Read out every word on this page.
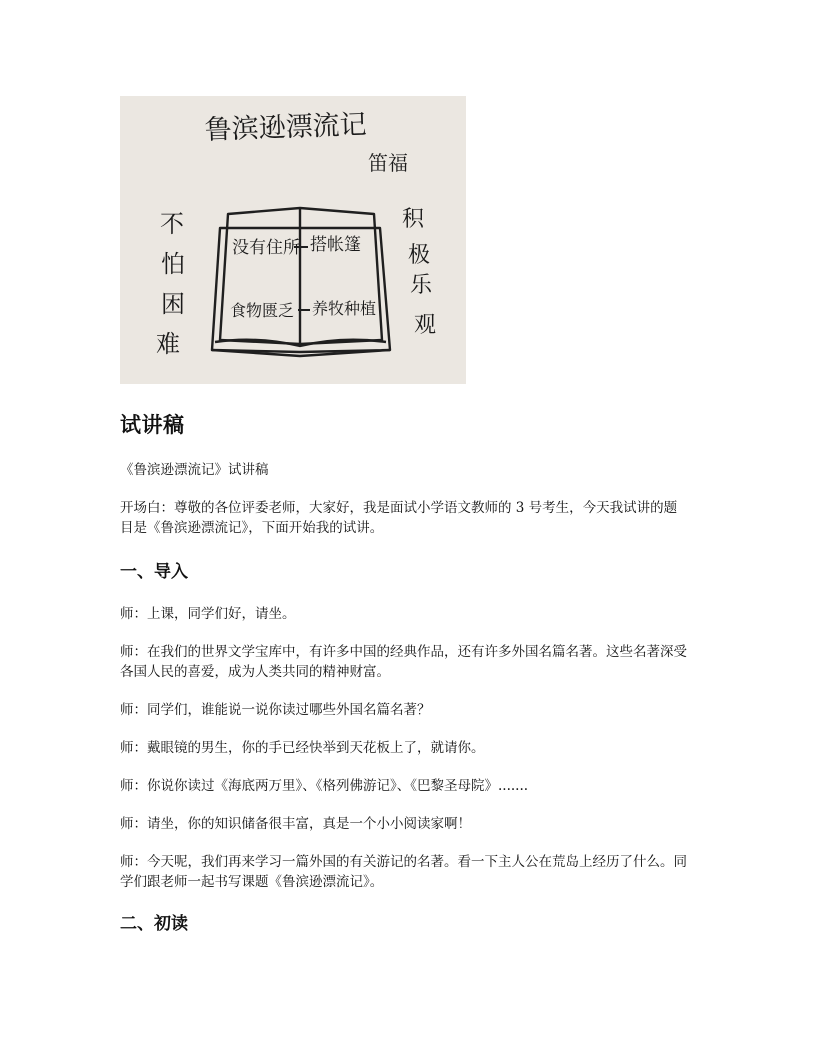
鲁滨逊漂流记
笛福
不
怕
困
难
积
极
乐
观
没有住所 搭帐篷
食物匮乏 养牧种植
试讲稿

《鲁滨逊漂流记》试讲稿

开场白：尊敬的各位评委老师，大家好，我是面试小学语文教师的 3 号考生，今天我试讲的题目是《鲁滨逊漂流记》，下面开始我的试讲。

一、导入

师：上课，同学们好，请坐。

师：在我们的世界文学宝库中，有许多中国的经典作品，还有许多外国名篇名著。这些名著深受各国人民的喜爱，成为人类共同的精神财富。

师：同学们，谁能说一说你读过哪些外国名篇名著？

师：戴眼镜的男生，你的手已经快举到天花板上了，就请你。

师：你说你读过《海底两万里》、《格列佛游记》、《巴黎圣母院》.......

师：请坐，你的知识储备很丰富，真是一个小小阅读家啊！

师：今天呢，我们再来学习一篇外国的有关游记的名著。看一下主人公在荒岛上经历了什么。同学们跟老师一起书写课题《鲁滨逊漂流记》。

二、初读
